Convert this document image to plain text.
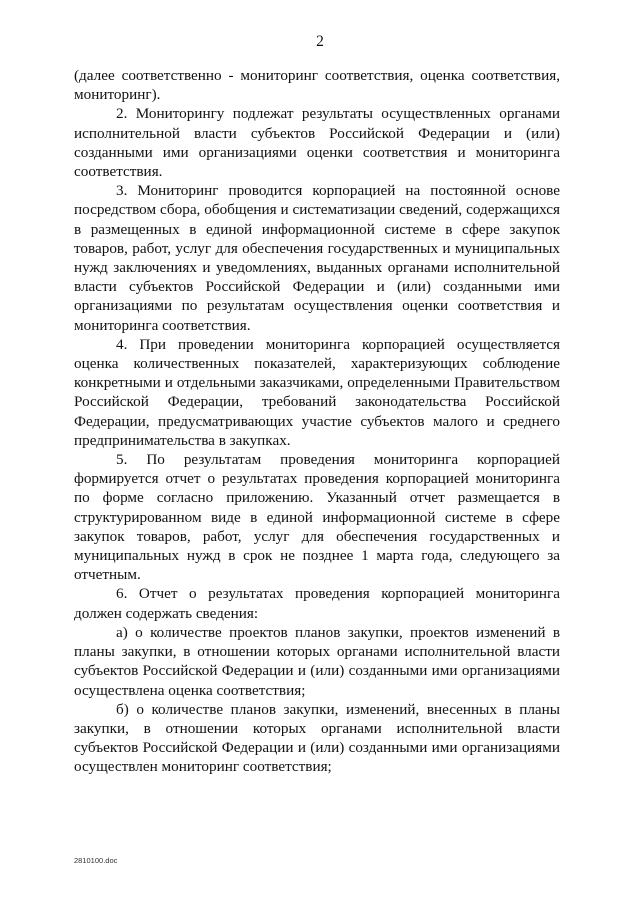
2

(далее соответственно - мониторинг соответствия, оценка соответствия, мониторинг).

2. Мониторингу подлежат результаты осуществленных органами исполнительной власти субъектов Российской Федерации и (или) созданными ими организациями оценки соответствия и мониторинга соответствия.

3. Мониторинг проводится корпорацией на постоянной основе посредством сбора, обобщения и систематизации сведений, содержащихся в размещенных в единой информационной системе в сфере закупок товаров, работ, услуг для обеспечения государственных и муниципальных нужд заключениях и уведомлениях, выданных органами исполнительной власти субъектов Российской Федерации и (или) созданными ими организациями по результатам осуществления оценки соответствия и мониторинга соответствия.

4. При проведении мониторинга корпорацией осуществляется оценка количественных показателей, характеризующих соблюдение конкретными и отдельными заказчиками, определенными Правительством Российской Федерации, требований законодательства Российской Федерации, предусматривающих участие субъектов малого и среднего предпринимательства в закупках.

5. По результатам проведения мониторинга корпорацией формируется отчет о результатах проведения корпорацией мониторинга по форме согласно приложению. Указанный отчет размещается в структурированном виде в единой информационной системе в сфере закупок товаров, работ, услуг для обеспечения государственных и муниципальных нужд в срок не позднее 1 марта года, следующего за отчетным.

6. Отчет о результатах проведения корпорацией мониторинга должен содержать сведения:

а) о количестве проектов планов закупки, проектов изменений в планы закупки, в отношении которых органами исполнительной власти субъектов Российской Федерации и (или) созданными ими организациями осуществлена оценка соответствия;

б) о количестве планов закупки, изменений, внесенных в планы закупки, в отношении которых органами исполнительной власти субъектов Российской Федерации и (или) созданными ими организациями осуществлен мониторинг соответствия;

2810100.doc
